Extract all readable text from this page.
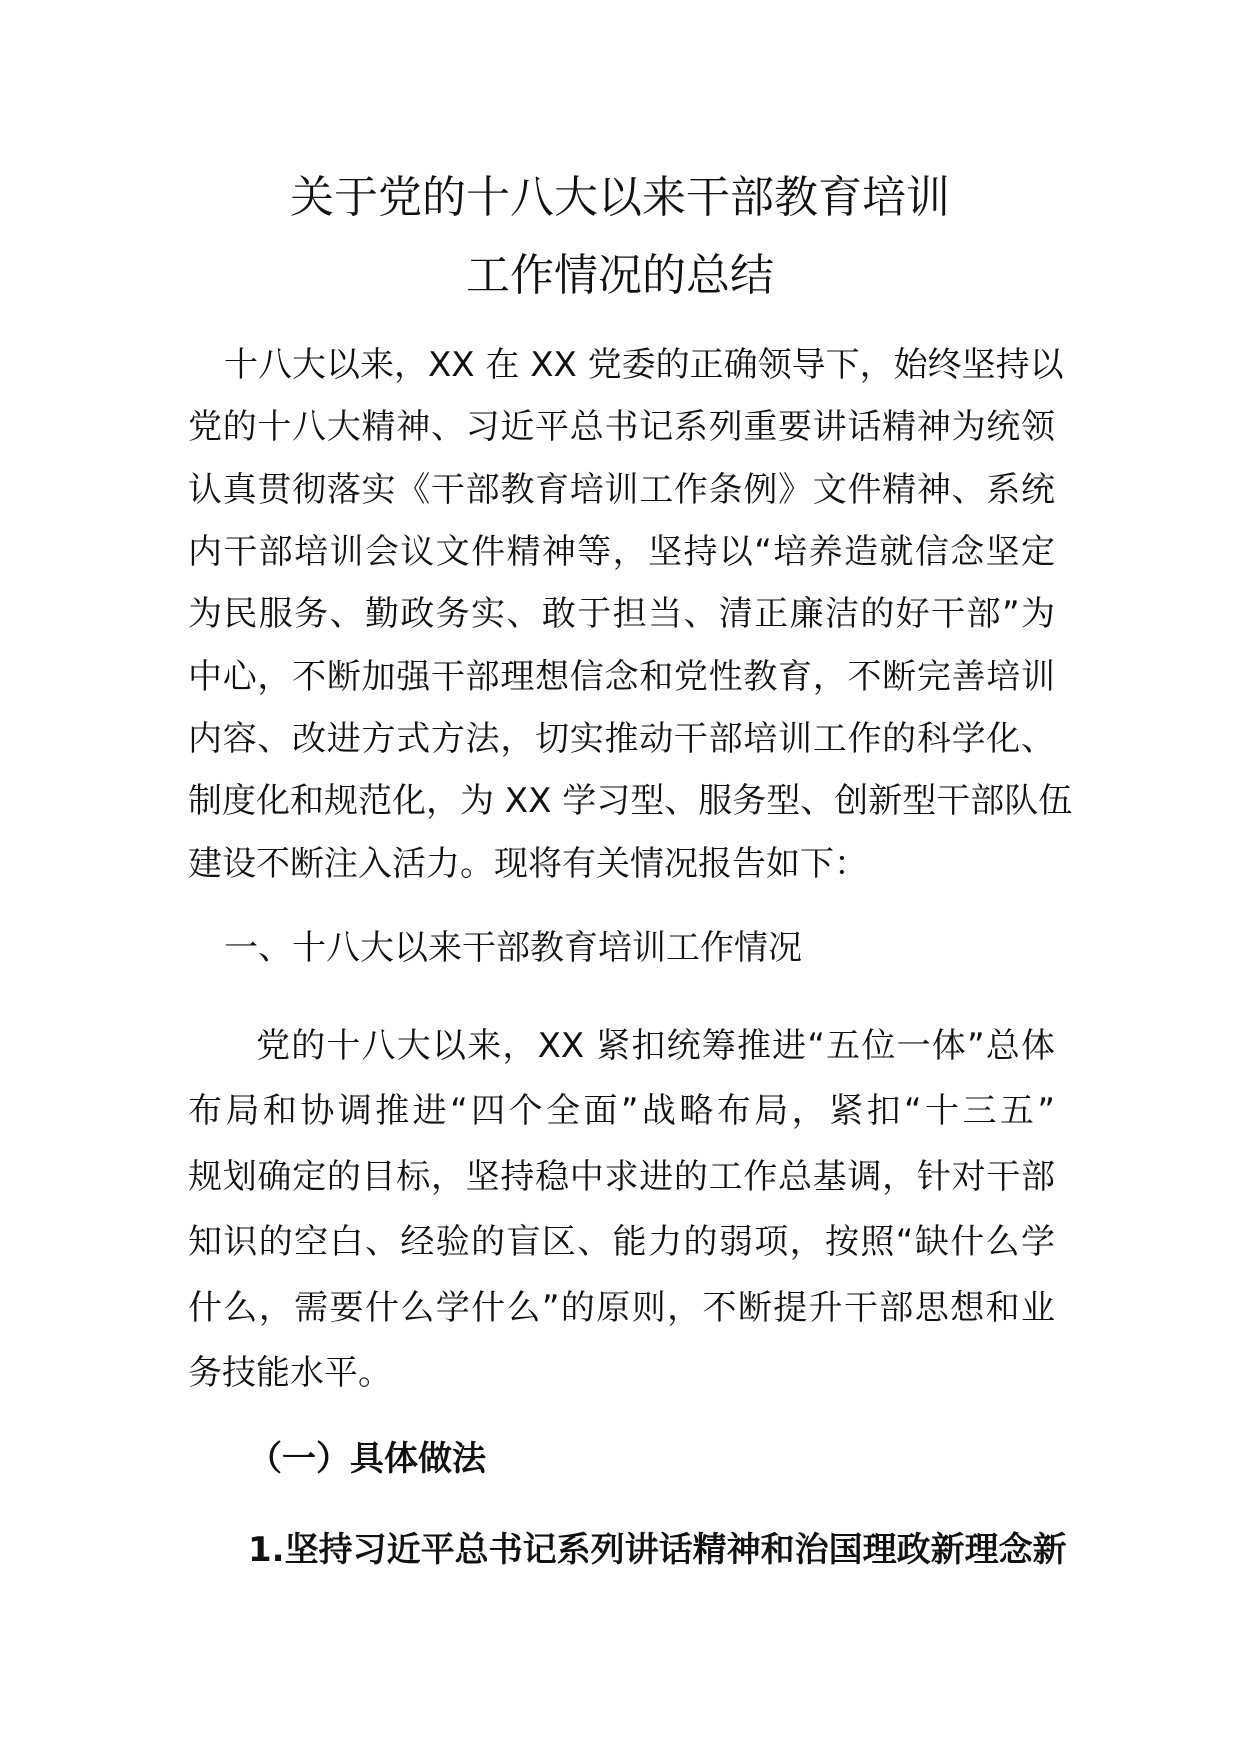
关于党的十八大以来干部教育培训
工作情况的总结
十八大以来，XX 在 XX 党委的正确领导下，始终坚持以
党的十八大精神、习近平总书记系列重要讲话精神为统领
认真贯彻落实《干部教育培训工作条例》文件精神、系统
内干部培训会议文件精神等，坚持以“培养造就信念坚定
为民服务、勤政务实、敢于担当、清正廉洁的好干部”为
中心，不断加强干部理想信念和党性教育，不断完善培训
内容、改进方式方法，切实推动干部培训工作的科学化、
制度化和规范化，为 XX 学习型、服务型、创新型干部队伍
建设不断注入活力。现将有关情况报告如下：
一、十八大以来干部教育培训工作情况
党的十八大以来，XX 紧扣统筹推进“五位一体”总体
布局和协调推进“四个全面”战略布局，紧扣“十三五”
规划确定的目标，坚持稳中求进的工作总基调，针对干部
知识的空白、经验的盲区、能力的弱项，按照“缺什么学
什么，需要什么学什么”的原则，不断提升干部思想和业
务技能水平。
（一）具体做法
1.坚持习近平总书记系列讲话精神和治国理政新理念新
